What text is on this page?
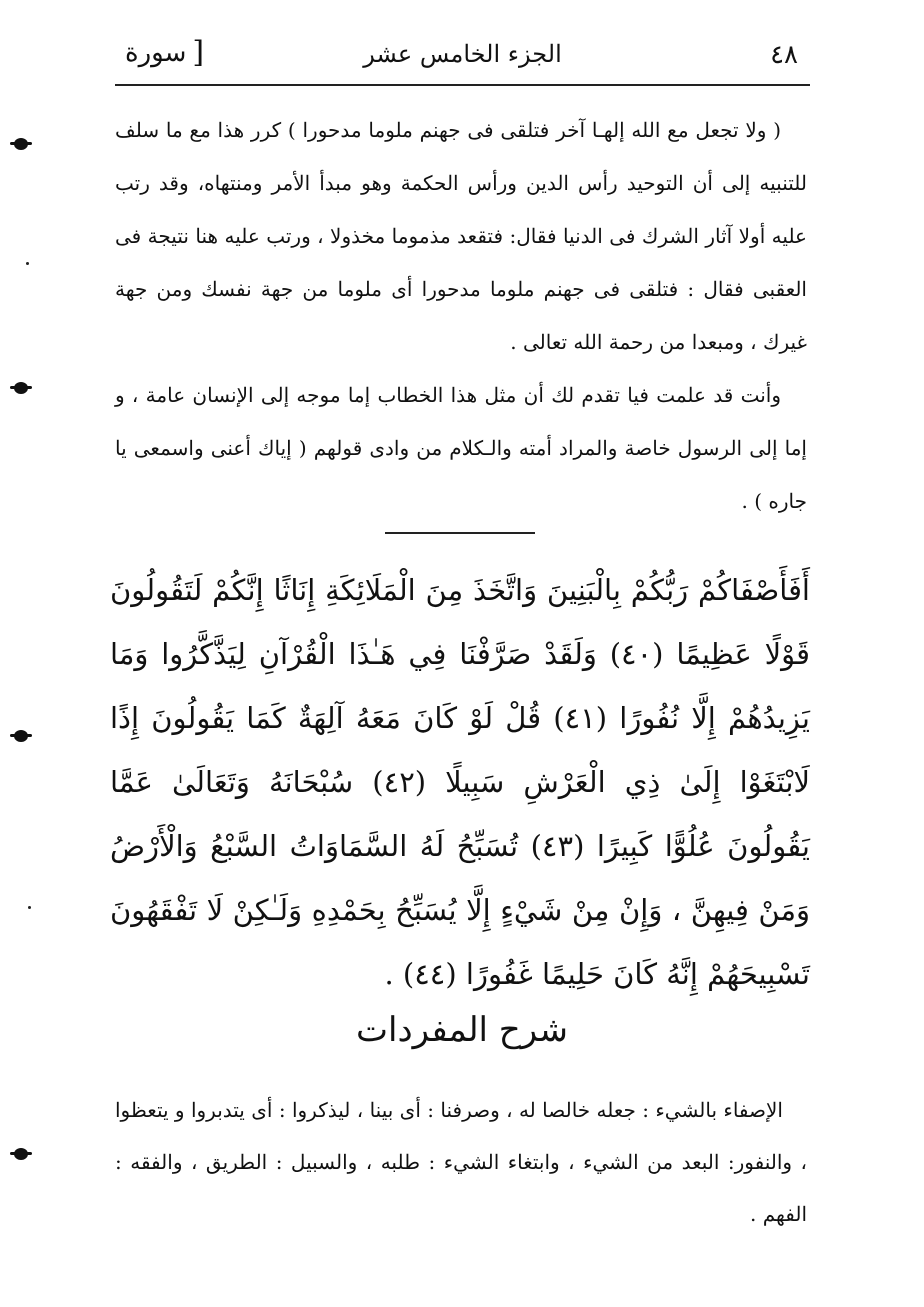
٤٨
الجزء الخامس عشر
[
سورة

( ولا تجعل مع الله إلهـا آخر فتلقى فى جهنم ملوما مدحورا ) كرر هذا مع ما سلف للتنبيه إلى أن التوحيد رأس الدين ورأس الحكمة وهو مبدأ الأمر ومنتهاه، وقد رتب عليه أولا آثار الشرك فى الدنيا فقال: فتقعد مذموما مخذولا ، ورتب عليه هنا نتيجة فى العقبى فقال : فتلقى فى جهنم ملوما مدحورا أى ملوما من جهة نفسك ومن جهة غيرك ، ومبعدا من رحمة الله تعالى .

وأنت قد علمت فيا تقدم لك أن مثل هذا الخطاب إما موجه إلى الإنسان عامة ، و إما إلى الرسول خاصة والمراد أمته والـكلام من وادى قولهم ( إياك أعنى واسمعى يا جاره ) .

أَفَأَصْفَاكُمْ رَبُّكُمْ بِالْبَنِينَ وَاتَّخَذَ مِنَ الْمَلَائِكَةِ إِنَاثًا إِنَّكُمْ لَتَقُولُونَ قَوْلًا عَظِيمًا (٤٠) وَلَقَدْ صَرَّفْنَا فِي هَـٰذَا الْقُرْآنِ لِيَذَّكَّرُوا وَمَا يَزِيدُهُمْ إِلَّا نُفُورًا (٤١) قُلْ لَوْ كَانَ مَعَهُ آلِهَةٌ كَمَا يَقُولُونَ إِذًا لَابْتَغَوْا إِلَىٰ ذِي الْعَرْشِ سَبِيلًا (٤٢) سُبْحَانَهُ وَتَعَالَىٰ عَمَّا يَقُولُونَ عُلُوًّا كَبِيرًا (٤٣) تُسَبِّحُ لَهُ السَّمَاوَاتُ السَّبْعُ وَالْأَرْضُ وَمَنْ فِيهِنَّ ، وَإِنْ مِنْ شَيْءٍ إِلَّا يُسَبِّحُ بِحَمْدِهِ وَلَـٰكِنْ لَا تَفْقَهُونَ تَسْبِيحَهُمْ إِنَّهُ كَانَ حَلِيمًا غَفُورًا (٤٤) .

شرح المفردات

الإصفاء بالشيء : جعله خالصا له ، وصرفنا : أى بينا ، ليذكروا : أى يتدبروا و يتعظوا ، والنفور: البعد من الشيء ، وابتغاء الشيء : طلبه ، والسبيل : الطريق ، والفقه : الفهم .
